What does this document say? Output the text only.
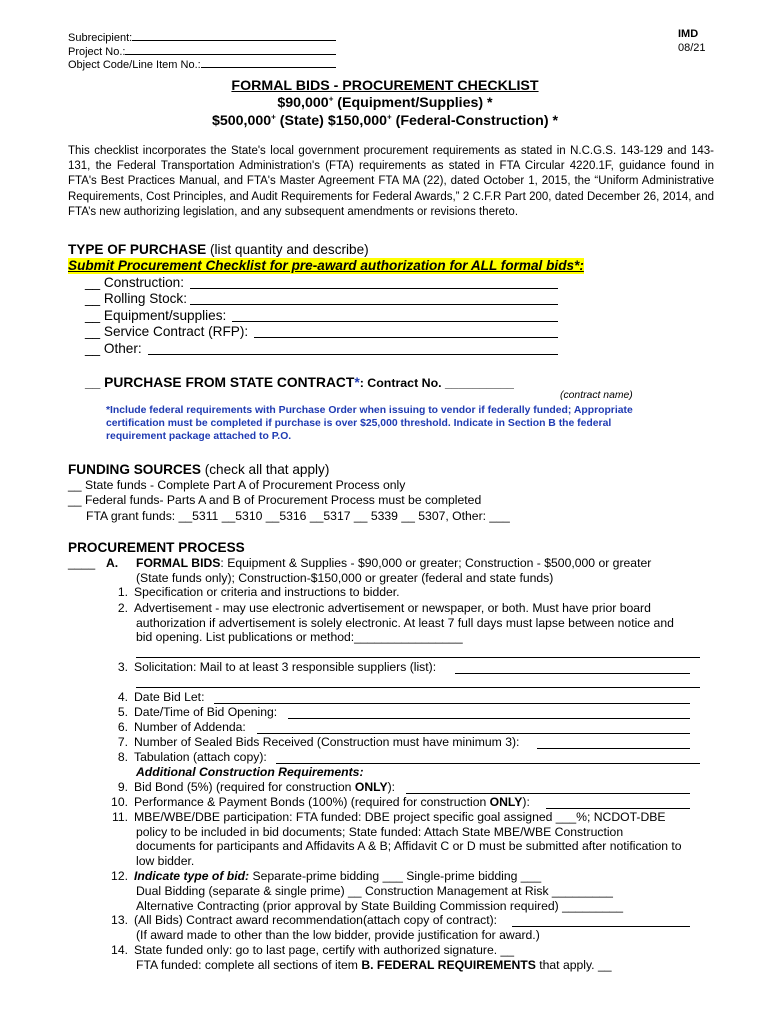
Subrecipient:
Project No.:
Object Code/Line Item No.:
IMD
08/21
FORMAL BIDS - PROCUREMENT CHECKLIST
$90,000+ (Equipment/Supplies) *
$500,000+ (State) $150,000+ (Federal-Construction) *
This checklist incorporates the State's local government procurement requirements as stated in N.C.G.S. 143-129 and 143-131, the Federal Transportation Administration's (FTA) requirements as stated in FTA Circular 4220.1F, guidance found in FTA's Best Practices Manual, and FTA's Master Agreement FTA MA (22), dated October 1, 2015, the “Uniform Administrative Requirements, Cost Principles, and Audit Requirements for Federal Awards,” 2 C.F.R Part 200, dated December 26, 2014, and FTA’s new authorizing legislation, and any subsequent amendments or revisions thereto.
TYPE OF PURCHASE (list quantity and describe)
Submit Procurement Checklist for pre-award authorization for ALL formal bids*:
__ Construction:
__ Rolling Stock:
__ Equipment/supplies:
__ Service Contract (RFP):
__ Other:
__ PURCHASE FROM STATE CONTRACT*: Contract No. __________
(contract name)
*Include federal requirements with Purchase Order when issuing to vendor if federally funded; Appropriate
certification must be completed if purchase is over $25,000 threshold. Indicate in Section B the federal
requirement package attached to P.O.
FUNDING SOURCES (check all that apply)
__ State funds - Complete Part A of Procurement Process only
__ Federal funds- Parts A and B of Procurement Process must be completed
FTA grant funds: __5311 __5310 __5316 __5317 __ 5339 __ 5307, Other: ___
PROCUREMENT PROCESS
____ A. FORMAL BIDS: Equipment & Supplies - $90,000 or greater; Construction - $500,000 or greater
(State funds only); Construction-$150,000 or greater (federal and state funds)
1. Specification or criteria and instructions to bidder.
2. Advertisement - may use electronic advertisement or newspaper, or both. Must have prior board
authorization if advertisement is solely electronic. At least 7 full days must lapse between notice and
bid opening. List publications or method:________________
3. Solicitation: Mail to at least 3 responsible suppliers (list):
4. Date Bid Let:
5. Date/Time of Bid Opening:
6. Number of Addenda:
7. Number of Sealed Bids Received (Construction must have minimum 3):
8. Tabulation (attach copy):
Additional Construction Requirements:
9. Bid Bond (5%) (required for construction ONLY):
10. Performance & Payment Bonds (100%) (required for construction ONLY):
11. MBE/WBE/DBE participation: FTA funded: DBE project specific goal assigned ___%; NCDOT-DBE
policy to be included in bid documents; State funded: Attach State MBE/WBE Construction
documents for participants and Affidavits A & B; Affidavit C or D must be submitted after notification to
low bidder.
12. Indicate type of bid: Separate-prime bidding ___ Single-prime bidding ___
Dual Bidding (separate & single prime) __ Construction Management at Risk _________
Alternative Contracting (prior approval by State Building Commission required) _________
13. (All Bids) Contract award recommendation(attach copy of contract):
(If award made to other than the low bidder, provide justification for award.)
14. State funded only: go to last page, certify with authorized signature. __
FTA funded: complete all sections of item B. FEDERAL REQUIREMENTS that apply. __
